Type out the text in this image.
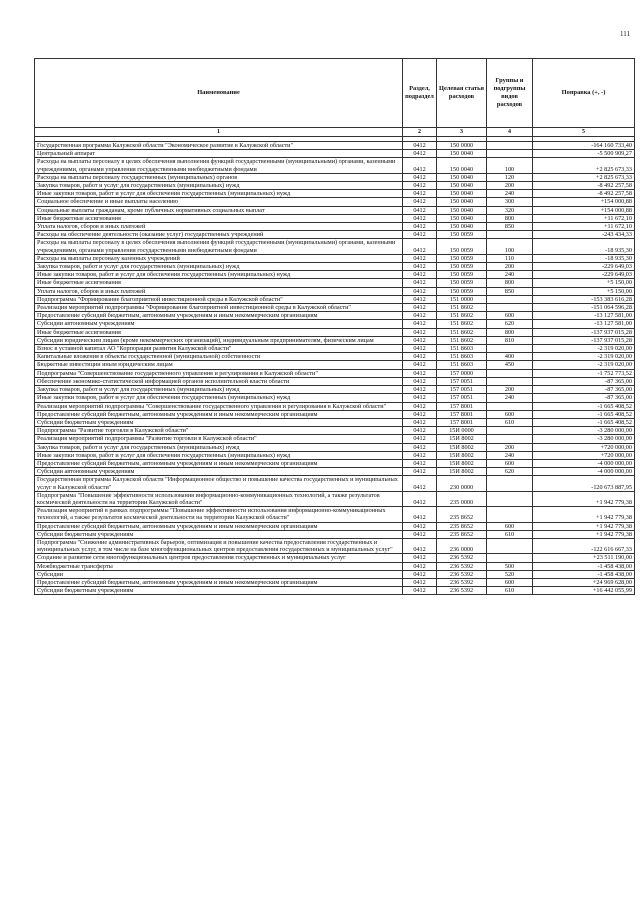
111
Наименование	Раздел, подраздел	Целевая статья расходов	Группы и подгруппы видов расходов	Поправка (+, -)
1	2	3	4	5

Государственная программа Калужской области "Экономическое развитие в Калужской области"	0412	150 0000		-164 160 733,40
Центральный аппарат	0412	150 0040		-5 500 909,27
Расходы на выплаты персоналу в целях обеспечения выполнения функций государственными (муниципальными) органами, казенными учреждениями, органами управления государственными внебюджетными фондами	0412	150 0040	100	+2 825 673,33
Расходы на выплаты персоналу государственных (муниципальных) органов	0412	150 0040	120	+2 825 673,33
Закупка товаров, работ и услуг для государственных (муниципальных) нужд	0412	150 0040	200	-8 492 257,58
Иные закупки товаров, работ и услуг для обеспечения государственных (муниципальных) нужд	0412	150 0040	240	-8 492 257,58
Социальное обеспечение и иные выплаты населению	0412	150 0040	300	+154 000,88
Социальные выплаты гражданам, кроме публичных нормативных социальных выплат	0412	150 0040	320	+154 000,88
Иные бюджетные ассигнования	0412	150 0040	800	+11 672,10
Уплата налогов, сборов и иных платежей	0412	150 0040	850	+11 672,10
Расходы на обеспечение деятельности (оказание услуг) государственных учреждений	0412	150 0059		-243 434,33
Расходы на выплаты персоналу в целях обеспечения выполнения функций государственными (муниципальными) органами, казенными учреждениями, органами управления государственными внебюджетными фондами	0412	150 0059	100	-18 935,30
Расходы на выплаты персоналу казенных учреждений	0412	150 0059	110	-18 935,30
Закупка товаров, работ и услуг для государственных (муниципальных) нужд	0412	150 0059	200	-229 649,03
Иные закупки товаров, работ и услуг для обеспечения государственных (муниципальных) нужд	0412	150 0059	240	-229 649,03
Иные бюджетные ассигнования	0412	150 0059	800	+5 150,00
Уплата налогов, сборов и иных платежей	0412	150 0059	850	+5 150,00
Подпрограмма "Формирование благоприятной инвестиционной среды в Калужской области"	0412	151 0000		-153 383 616,28
Реализация мероприятий подпрограммы "Формирование благоприятной инвестиционной среды в Калужской области"	0412	151 8602		-151 064 596,28
Предоставление субсидий бюджетным, автономным учреждениям и иным некоммерческим организациям	0412	151 8602	600	-13 127 581,00
Субсидии автономным учреждениям	0412	151 8602	620	-13 127 581,00
Иные бюджетные ассигнования	0412	151 8602	800	-137 937 015,28
Субсидии юридическим лицам (кроме некоммерческих организаций), индивидуальным предпринимателям, физическим лицам	0412	151 8602	810	-137 937 015,28
Взнос в уставной капитал АО "Корпорация развития Калужской области"	0412	151 8603		-2 319 020,00
Капитальные вложения в объекты государственной (муниципальной) собственности	0412	151 8603	400	-2 319 020,00
Бюджетные инвестиции иным юридическим лицам	0412	151 8603	450	-2 319 020,00
Подпрограмма "Совершенствование государственного управления и регулирования в Калужской области"	0412	157 0000		-1 752 773,52
Обеспечение экономико-статистической информацией органов исполнительной власти области	0412	157 0051		-87 365,00
Закупка товаров, работ и услуг для государственных (муниципальных) нужд	0412	157 0051	200	-87 365,00
Иные закупки товаров, работ и услуг для обеспечения государственных (муниципальных) нужд	0412	157 0051	240	-87 365,00
Реализация мероприятий подпрограммы "Совершенствование государственного управления и регулирования в Калужской области"	0412	157 8001		-1 665 408,52
Предоставление субсидий бюджетным, автономным учреждениям и иным некоммерческим организациям	0412	157 8001	600	-1 665 408,52
Субсидии бюджетным учреждениям	0412	157 8001	610	-1 665 408,52
Подпрограмма "Развитие торговли в Калужской области"	0412	15И 0000		-3 280 000,00
Реализация мероприятий подпрограммы "Развитие торговли в Калужской области"	0412	15И 8002		-3 280 000,00
Закупка товаров, работ и услуг для государственных (муниципальных) нужд	0412	15И 8002	200	+720 000,00
Иные закупки товаров, работ и услуг для обеспечения государственных (муниципальных) нужд	0412	15И 8002	240	+720 000,00
Предоставление субсидий бюджетным, автономным учреждениям и иным некоммерческим организациям	0412	15И 8002	600	-4 000 000,00
Субсидии автономным учреждениям	0412	15И 8002	620	-4 000 000,00
Государственная программа Калужской области "Информационное общество и повышение качества государственных и муниципальных услуг в Калужской области"	0412	230 0000		-120 673 887,95
Подпрограмма "Повышение эффективности использования информационно-коммуникационных технологий, а также результатов космической деятельности на территории Калужской области"	0412	235 0000		+1 942 779,38
Реализация мероприятий в рамках подпрограммы "Повышение эффективности использования информационно-коммуникационных технологий, а также результатов космической деятельности на территории Калужской области"	0412	235 8652		+1 942 779,38
Предоставление субсидий бюджетным, автономным учреждениям и иным некоммерческим организациям	0412	235 8652	600	+1 942 779,38
Субсидии бюджетным учреждениям	0412	235 8652	610	+1 942 779,38
Подпрограмма "Снижение административных барьеров, оптимизация и повышение качества предоставления государственных и муниципальных услуг, в том числе на базе многофункциональных центров предоставления государственных и муниципальных услуг"	0412	236 0000		-122 616 667,33
Создание и развитие сети многофункциональных центров предоставления государственных и муниципальных услуг	0412	236 5392		+23 511 190,00
Межбюджетные трансферты	0412	236 5392	500	-1 458 438,00
Субсидии	0412	236 5392	520	-1 458 438,00
Предоставление субсидий бюджетным, автономным учреждениям и иным некоммерческим организациям	0412	236 5392	600	+24 969 628,00
Субсидии бюджетным учреждениям	0412	236 5392	610	+16 442 055,99
